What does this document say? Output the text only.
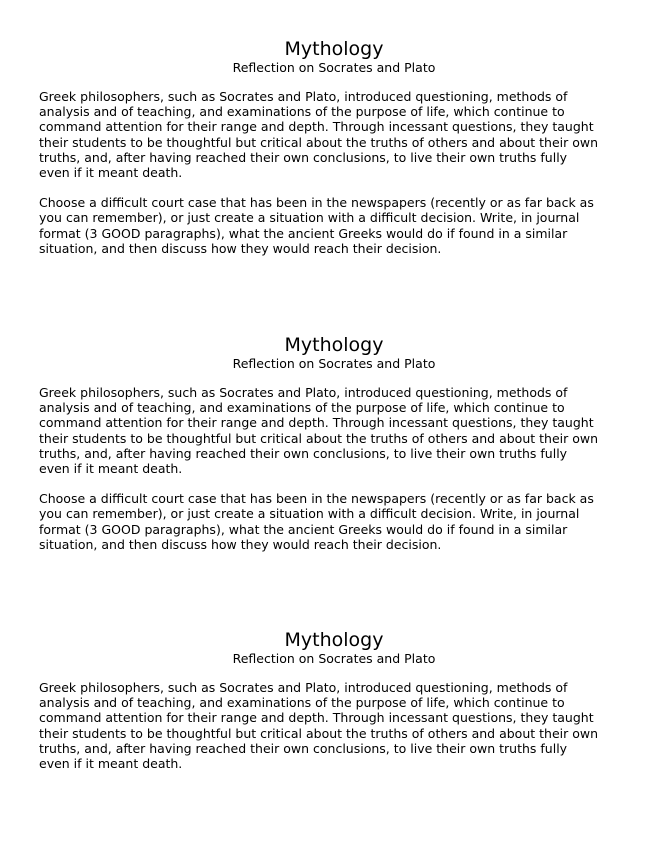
Mythology
Reflection on Socrates and Plato

Greek philosophers, such as Socrates and Plato, introduced questioning, methods of
analysis and of teaching, and examinations of the purpose of life, which continue to
command attention for their range and depth. Through incessant questions, they taught
their students to be thoughtful but critical about the truths of others and about their own
truths, and, after having reached their own conclusions, to live their own truths fully
even if it meant death.

Choose a difficult court case that has been in the newspapers (recently or as far back as
you can remember), or just create a situation with a difficult decision. Write, in journal
format (3 GOOD paragraphs), what the ancient Greeks would do if found in a similar
situation, and then discuss how they would reach their decision.

Mythology
Reflection on Socrates and Plato

Greek philosophers, such as Socrates and Plato, introduced questioning, methods of
analysis and of teaching, and examinations of the purpose of life, which continue to
command attention for their range and depth. Through incessant questions, they taught
their students to be thoughtful but critical about the truths of others and about their own
truths, and, after having reached their own conclusions, to live their own truths fully
even if it meant death.

Choose a difficult court case that has been in the newspapers (recently or as far back as
you can remember), or just create a situation with a difficult decision. Write, in journal
format (3 GOOD paragraphs), what the ancient Greeks would do if found in a similar
situation, and then discuss how they would reach their decision.

Mythology
Reflection on Socrates and Plato

Greek philosophers, such as Socrates and Plato, introduced questioning, methods of
analysis and of teaching, and examinations of the purpose of life, which continue to
command attention for their range and depth. Through incessant questions, they taught
their students to be thoughtful but critical about the truths of others and about their own
truths, and, after having reached their own conclusions, to live their own truths fully
even if it meant death.
